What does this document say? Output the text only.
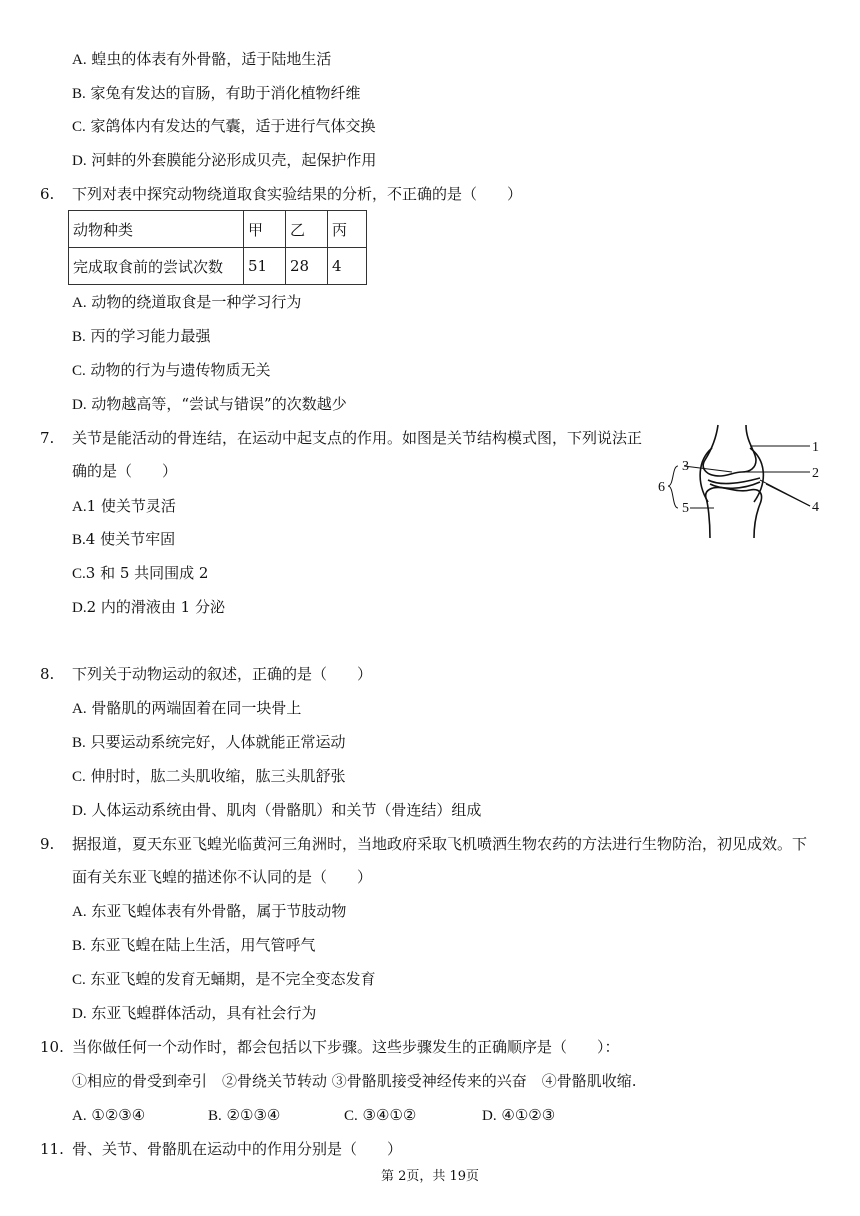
A. 蝗虫的体表有外骨骼，适于陆地生活
B. 家兔有发达的盲肠，有助于消化植物纤维
C. 家鸽体内有发达的气囊，适于进行气体交换
D. 河蚌的外套膜能分泌形成贝壳，起保护作用
6. 下列对表中探究动物绕道取食实验结果的分析，不正确的是（　　）
动物种类	甲	乙	丙
完成取食前的尝试次数	51	28	4
A. 动物的绕道取食是一种学习行为
B. 丙的学习能力最强
C. 动物的行为与遗传物质无关
D. 动物越高等，“尝试与错误”的次数越少
7. 关节是能活动的骨连结，在运动中起支点的作用。如图是关节结构模式图，下列说法正
确的是（　　）
A.1 使关节灵活
B.4 使关节牢固
C.3 和 5 共同围成 2
D.2 内的滑液由 1 分泌
1
2
3
4
5
6
8. 下列关于动物运动的叙述，正确的是（　　）
A. 骨骼肌的两端固着在同一块骨上
B. 只要运动系统完好，人体就能正常运动
C. 伸肘时，肱二头肌收缩，肱三头肌舒张
D. 人体运动系统由骨、肌肉（骨骼肌）和关节（骨连结）组成
9. 据报道，夏天东亚飞蝗光临黄河三角洲时，当地政府采取飞机喷洒生物农药的方法进行生物防治，初见成效。下
面有关东亚飞蝗的描述你不认同的是（　　）
A. 东亚飞蝗体表有外骨骼，属于节肢动物
B. 东亚飞蝗在陆上生活，用气管呼气
C. 东亚飞蝗的发育无蛹期，是不完全变态发育
D. 东亚飞蝗群体活动，具有社会行为
10. 当你做任何一个动作时，都会包括以下步骤。这些步骤发生的正确顺序是（　　）：
①相应的骨受到牵引　②骨绕关节转动 ③骨骼肌接受神经传来的兴奋　④骨骼肌收缩.
A. ①②③④	B. ②①③④	C. ③④①②	D. ④①②③
11. 骨、关节、骨骼肌在运动中的作用分别是（　　）
第 2页，共 19页
